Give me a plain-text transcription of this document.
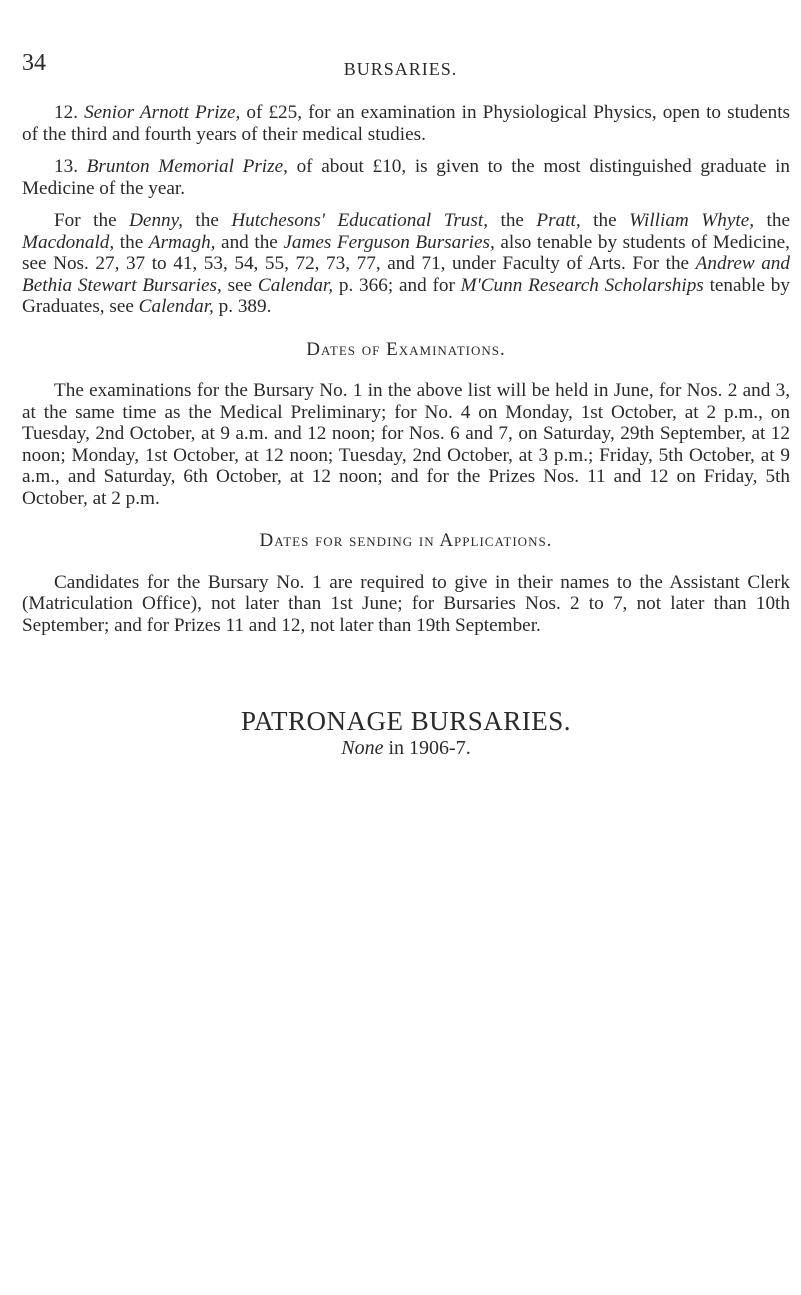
34	BURSARIES.

12. Senior Arnott Prize, of £25, for an examination in Physiological Physics, open to students of the third and fourth years of their medical studies.

13. Brunton Memorial Prize, of about £10, is given to the most distinguished graduate in Medicine of the year.

For the Denny, the Hutchesons' Educational Trust, the Pratt, the William Whyte, the Macdonald, the Armagh, and the James Ferguson Bursaries, also tenable by students of Medicine, see Nos. 27, 37 to 41, 53, 54, 55, 72, 73, 77, and 71, under Faculty of Arts. For the Andrew and Bethia Stewart Bursaries, see Calendar, p. 366; and for M'Cunn Research Scholarships tenable by Graduates, see Calendar, p. 389.

Dates of Examinations.

The examinations for the Bursary No. 1 in the above list will be held in June, for Nos. 2 and 3, at the same time as the Medical Preliminary; for No. 4 on Monday, 1st October, at 2 p.m., on Tuesday, 2nd October, at 9 a.m. and 12 noon; for Nos. 6 and 7, on Saturday, 29th September, at 12 noon; Monday, 1st October, at 12 noon; Tuesday, 2nd October, at 3 p.m.; Friday, 5th October, at 9 a.m., and Saturday, 6th October, at 12 noon; and for the Prizes Nos. 11 and 12 on Friday, 5th October, at 2 p.m.

Dates for sending in Applications.

Candidates for the Bursary No. 1 are required to give in their names to the Assistant Clerk (Matriculation Office), not later than 1st June; for Bursaries Nos. 2 to 7, not later than 10th September; and for Prizes 11 and 12, not later than 19th September.

PATRONAGE BURSARIES.

None in 1906-7.
